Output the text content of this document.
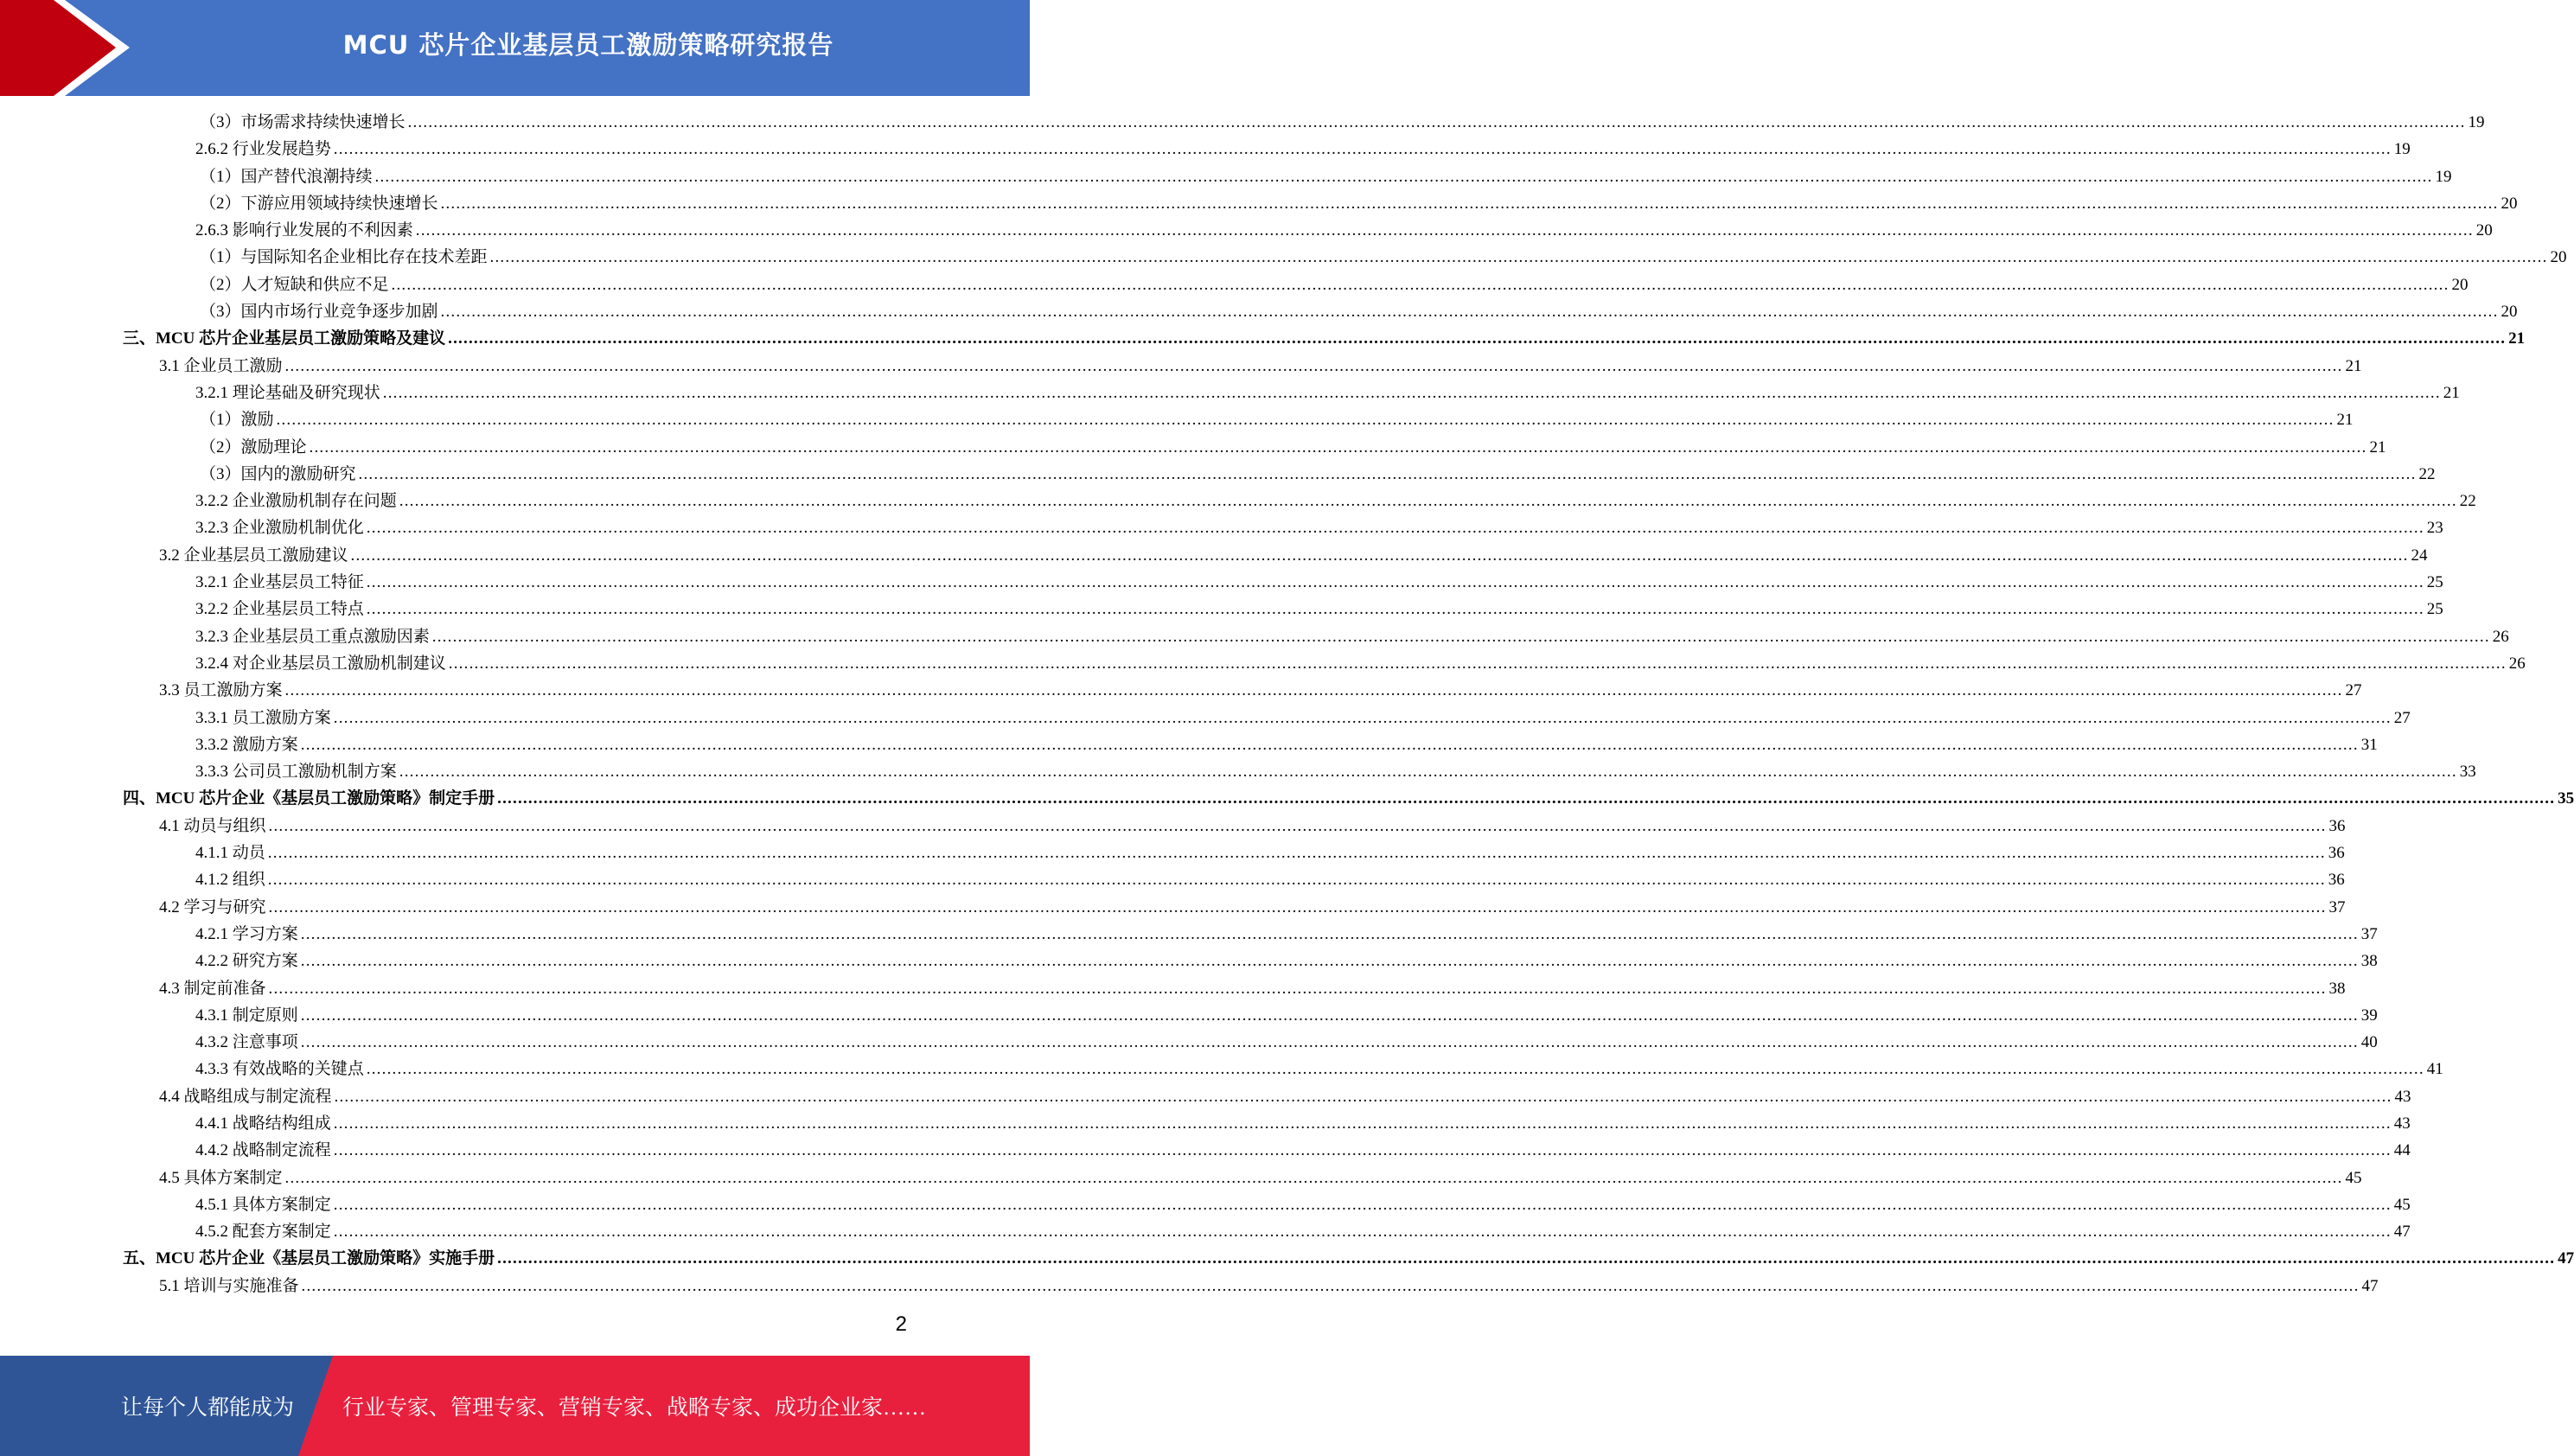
MCU 芯片企业基层员工激励策略研究报告
（3）市场需求持续快速增长 ................................................................................................................................................................................................................................................................................................................................................................................................................ 19
2.6.2 行业发展趋势 ................................................................................................................................................................................................................................................................................................................................................................................................................ 19
（1）国产替代浪潮持续 ................................................................................................................................................................................................................................................................................................................................................................................................................ 19
（2）下游应用领域持续快速增长 ................................................................................................................................................................................................................................................................................................................................................................................................................ 20
2.6.3 影响行业发展的不利因素 ................................................................................................................................................................................................................................................................................................................................................................................................................ 20
（1）与国际知名企业相比存在技术差距 ................................................................................................................................................................................................................................................................................................................................................................................................................ 20
（2）人才短缺和供应不足 ................................................................................................................................................................................................................................................................................................................................................................................................................ 20
（3）国内市场行业竞争逐步加剧 ................................................................................................................................................................................................................................................................................................................................................................................................................ 20
三、MCU 芯片企业基层员工激励策略及建议 ................................................................................................................................................................................................................................................................................................................................................................................................................ 21
3.1 企业员工激励 ................................................................................................................................................................................................................................................................................................................................................................................................................ 21
3.2.1 理论基础及研究现状 ................................................................................................................................................................................................................................................................................................................................................................................................................ 21
（1）激励 ................................................................................................................................................................................................................................................................................................................................................................................................................ 21
（2）激励理论 ................................................................................................................................................................................................................................................................................................................................................................................................................ 21
（3）国内的激励研究 ................................................................................................................................................................................................................................................................................................................................................................................................................ 22
3.2.2 企业激励机制存在问题 ................................................................................................................................................................................................................................................................................................................................................................................................................ 22
3.2.3 企业激励机制优化 ................................................................................................................................................................................................................................................................................................................................................................................................................ 23
3.2 企业基层员工激励建议 ................................................................................................................................................................................................................................................................................................................................................................................................................ 24
3.2.1 企业基层员工特征 ................................................................................................................................................................................................................................................................................................................................................................................................................ 25
3.2.2 企业基层员工特点 ................................................................................................................................................................................................................................................................................................................................................................................................................ 25
3.2.3 企业基层员工重点激励因素 ................................................................................................................................................................................................................................................................................................................................................................................................................ 26
3.2.4 对企业基层员工激励机制建议 ................................................................................................................................................................................................................................................................................................................................................................................................................ 26
3.3 员工激励方案 ................................................................................................................................................................................................................................................................................................................................................................................................................ 27
3.3.1 员工激励方案 ................................................................................................................................................................................................................................................................................................................................................................................................................ 27
3.3.2 激励方案 ................................................................................................................................................................................................................................................................................................................................................................................................................ 31
3.3.3 公司员工激励机制方案 ................................................................................................................................................................................................................................................................................................................................................................................................................ 33
四、MCU 芯片企业《基层员工激励策略》制定手册 ................................................................................................................................................................................................................................................................................................................................................................................................................ 35
4.1 动员与组织 ................................................................................................................................................................................................................................................................................................................................................................................................................ 36
4.1.1 动员 ................................................................................................................................................................................................................................................................................................................................................................................................................ 36
4.1.2 组织 ................................................................................................................................................................................................................................................................................................................................................................................................................ 36
4.2 学习与研究 ................................................................................................................................................................................................................................................................................................................................................................................................................ 37
4.2.1 学习方案 ................................................................................................................................................................................................................................................................................................................................................................................................................ 37
4.2.2 研究方案 ................................................................................................................................................................................................................................................................................................................................................................................................................ 38
4.3 制定前准备 ................................................................................................................................................................................................................................................................................................................................................................................................................ 38
4.3.1 制定原则 ................................................................................................................................................................................................................................................................................................................................................................................................................ 39
4.3.2 注意事项 ................................................................................................................................................................................................................................................................................................................................................................................................................ 40
4.3.3 有效战略的关键点 ................................................................................................................................................................................................................................................................................................................................................................................................................ 41
4.4 战略组成与制定流程 ................................................................................................................................................................................................................................................................................................................................................................................................................ 43
4.4.1 战略结构组成 ................................................................................................................................................................................................................................................................................................................................................................................................................ 43
4.4.2 战略制定流程 ................................................................................................................................................................................................................................................................................................................................................................................................................ 44
4.5 具体方案制定 ................................................................................................................................................................................................................................................................................................................................................................................................................ 45
4.5.1 具体方案制定 ................................................................................................................................................................................................................................................................................................................................................................................................................ 45
4.5.2 配套方案制定 ................................................................................................................................................................................................................................................................................................................................................................................................................ 47
五、MCU 芯片企业《基层员工激励策略》实施手册 ................................................................................................................................................................................................................................................................................................................................................................................................................ 47
5.1 培训与实施准备 ................................................................................................................................................................................................................................................................................................................................................................................................................ 47
2
让每个人都能成为 行业专家、管理专家、营销专家、战略专家、成功企业家……
